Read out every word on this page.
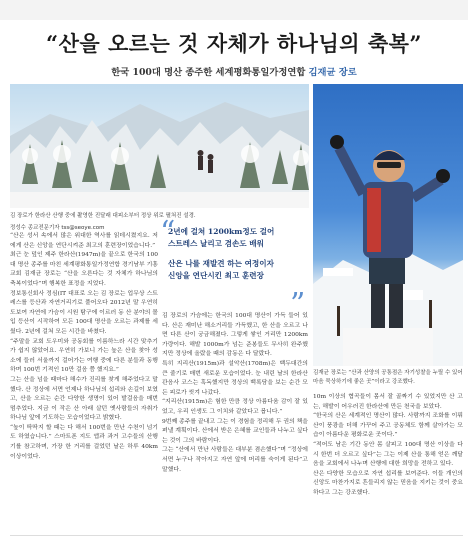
“산을 오르는 것 자체가 하나님의 축복”
한국 100대 명산 종주한 세계평화통일가정연합 김재균 장로
김 장로가 한라산 산행 중에 촬영한 진달래 대피소부터 정상 위로 펼쳐진 설경.
정성수 종교전문기자 tss@seoye.com
김재균 장로는 “산과 산양의 공통점은 자기성찰을 누릴 수 있어 마음 묵상하기에 좋은 곳”이라고 강조했다.
“
2년에 걸쳐 1200km정도 걸어
스트레스 날리고 겸손도 배워
산은 나를 재발견 하는 여정이자
신앙을 연단시킨 최고 훈련장
”

“산은 성서 속에서 많은 위대한 역사를 읽데시켰지요. 저에게 산은 신앙을 연단시켜준 최고의 훈련장이었습니다.”

최근 눈 덮인 제주 한라산(1947m)을 끝으로 한국의 100대 명산 종주를 마친 세계평화통일가정연합 경기남부 기흥교회 김재균 장로는 “산을 오른다는 것 자체가 하나님의 축복이었다”며 행복한 표정을 지었다.

정보통신회사 정심(IT 대표로 오는 김 장로는 업무상 스트레스를 등산과 자연거리기로 풀어오다 2012년 말 우연히 도보여 자연에 가슴이 시원 탐구에 이르러 동 산 분야의 몰입 등산이 시작하여 모든 100대 명산을 오르는 과제를 세웠다. 2년에 걸쳐 모든 시간을 바쳤다.

“주말을 교회 도우미와 공동회를 이름하느라 시간 맞추기가 쉽지 않았어요. 우연히 가보니 가는 높은 산을 찾아 성소에 들러 서울까지 걸어가는 여행 중에 다른 분들과 동행하며 100번 기적인 10만 걸음 쯤 했지요.”

그는 산을 넘을 때마다 해수가 진리를 찾게 해주었다고 말했다. 산 정상에 서면 언제나 하나님의 섭리와 손길이 보였고, 산을 오르는 순간 다양한 생명이 있어 발걸음을 매번 멈추었다. 지금 이 작은 산 아래 살던 옛사람들의 자취가 하나님 앞에 기도하는 모습이었다고 밝혔다.

“높이 딱딱지 할 때는 다 해서 100번을 만난 수천이 넘기도 하였습니다.” 스마트폰 지도 앱과 과거 고수들의 산행기를 참고하며, 가장 한 거리를 걸었던 날은 하루 40km 이상이었다.

김 장로의 가슴에는 한국의 100대 명산이 가득 들어 있다. 산은 재미난 해소거리들 가득했고, 한 산을 오르고 나면 다른 산이 궁금해졌다. 그렇게 쌓인 거리만 1200km 가량이다. 해발 1000m가 넘는 준봉들도 무사히 완주했지만 정상에 올랐을 때의 감동은 다 달랐다.

특히 지리산(1915m)과 설악산(1708m)은 백두대간의 큰 줄기로 매번 새로운 모습이었다. 눈 내린 날의 한라산 관음사 코스는 혹독했지만 정상의 백록담을 보는 순간 모든 피로가 씻겨 나갔다.

“지리산(1915m)은 험한 만큼 정상 아름다움 감이 잘 있었고, 우리 인생도 그 이치와 같았다고 봅니다.”

9번째 종주를 끝내고 그는 이 경험을 정리해 두 권의 책을 펴낼 계획이다. 산에서 받은 은혜를 교인들과 나누고 싶다는 것이 그의 바람이다.

그는 “산에서 만난 사람들은 대부분 겸손했다”며 “정상에 서면 누구나 작아지고 자연 앞에 머리를 숙이게 된다”고 말했다.

10m 이상의 협곡들이 몸서 잘 골짜기 수 있었지만 산 고는, 해발이 어우러진 한라산에 만든 천국을 보았다.

“한국의 산은 세계적인 명산이 많다. 사람까지 조화를 이뤄 산이 풍광을 더해 가꾸어 주고 공동체도 함께 살아가는 모습이 아름다운 평화로운 곳이다.”

“적어도 남은 기간 동안 몸 살피고 100대 명산 이상을 다시 한번 더 오르고 싶다”는 그는 이제 산을 통해 얻은 깨달음을 교회에서 나누며 산행에 대한 희망을 전하고 있다.

산은 다양한 모습으로 자연 섭리를 보여준다. 이들 개인의 신앙도 마찬가지로 흔들리지 않는 믿음을 지키는 것이 중요하다고 그는 강조했다.
